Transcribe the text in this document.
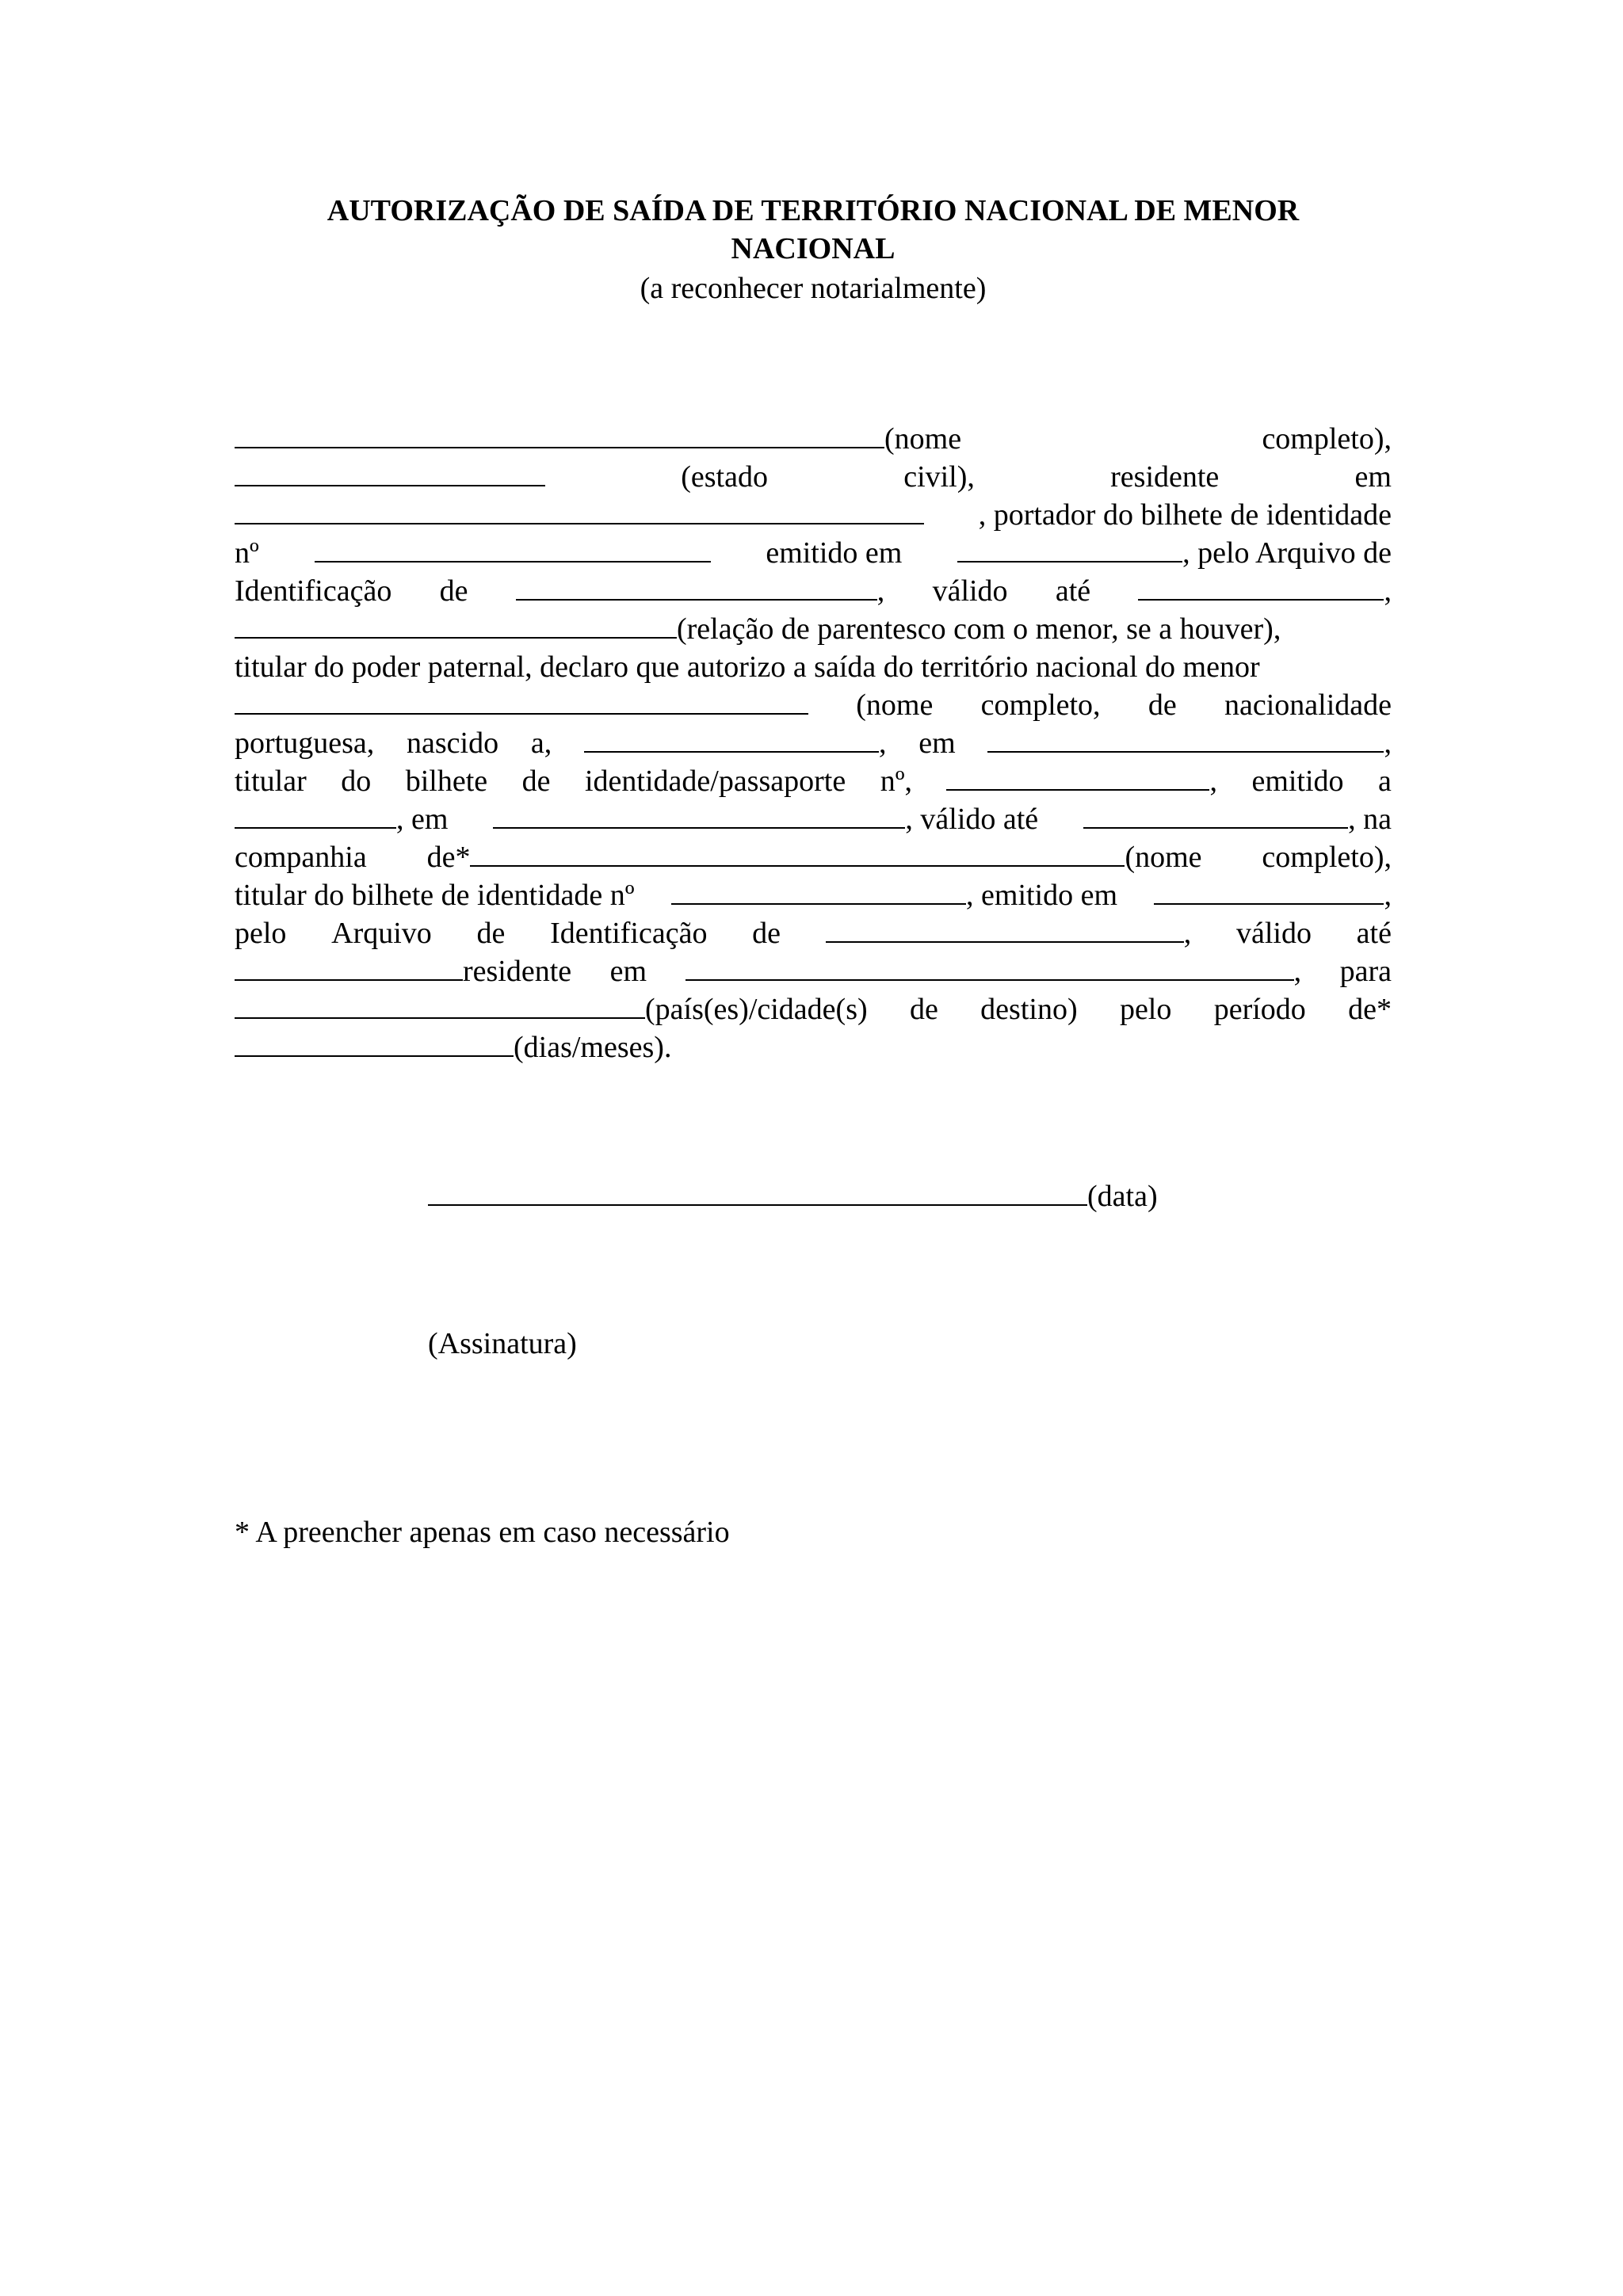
AUTORIZAÇÃO DE SAÍDA DE TERRITÓRIO NACIONAL DE MENOR
NACIONAL
(a reconhecer notarialmente)
(nome	completo),
(estado	civil),	residente	em
, portador do bilhete de identidade
nº	emitido em	, pelo Arquivo de
Identificação de	, válido até	,
(relação de parentesco com o menor, se a houver),
titular do poder paternal, declaro que autorizo a saída do território nacional do menor
(nome completo, de nacionalidade
portuguesa, nascido a,	, em	,
titular do bilhete de identidade/passaporte nº,	, emitido a
, em	, válido até	, na
companhia de*	(nome completo),
titular do bilhete de identidade nº	, emitido em	,
pelo Arquivo de Identificação de	, válido até
residente em	, para
(país(es)/cidade(s) de destino) pelo período de*
(dias/meses).
(data)
(Assinatura)
* A preencher apenas em caso necessário
